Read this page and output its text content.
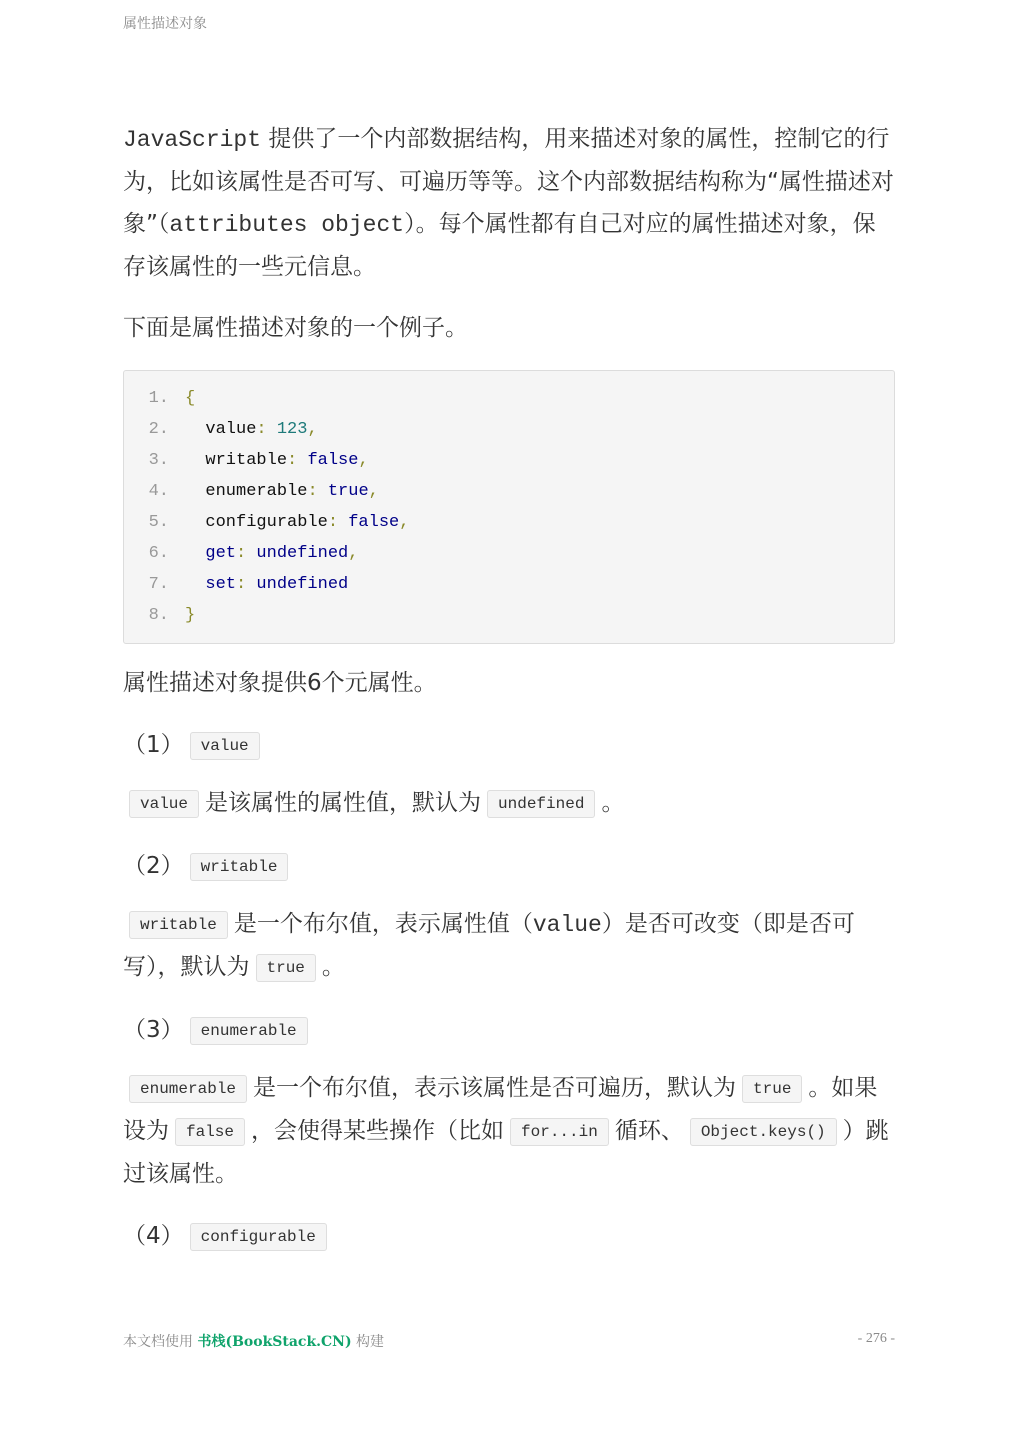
属性描述对象

JavaScript 提供了一个内部数据结构，用来描述对象的属性，控制它的行为，比如该属性是否可写、可遍历等等。这个内部数据结构称为“属性描述对象”（attributes object）。每个属性都有自己对应的属性描述对象，保存该属性的一些元信息。

下面是属性描述对象的一个例子。

1. {
2. value: 123,
3. writable: false,
4. enumerable: true,
5. configurable: false,
6. get: undefined,
7. set: undefined
8. }

属性描述对象提供6个元属性。

（1） value

value 是该属性的属性值，默认为 undefined 。

（2） writable

writable 是一个布尔值，表示属性值（value）是否可改变（即是否可写），默认为 true 。

（3） enumerable

enumerable 是一个布尔值，表示该属性是否可遍历，默认为 true 。如果设为 false ，会使得某些操作（比如 for...in 循环、 Object.keys() ）跳过该属性。

（4） configurable

本文档使用 书栈(BookStack.CN) 构建	- 276 -
